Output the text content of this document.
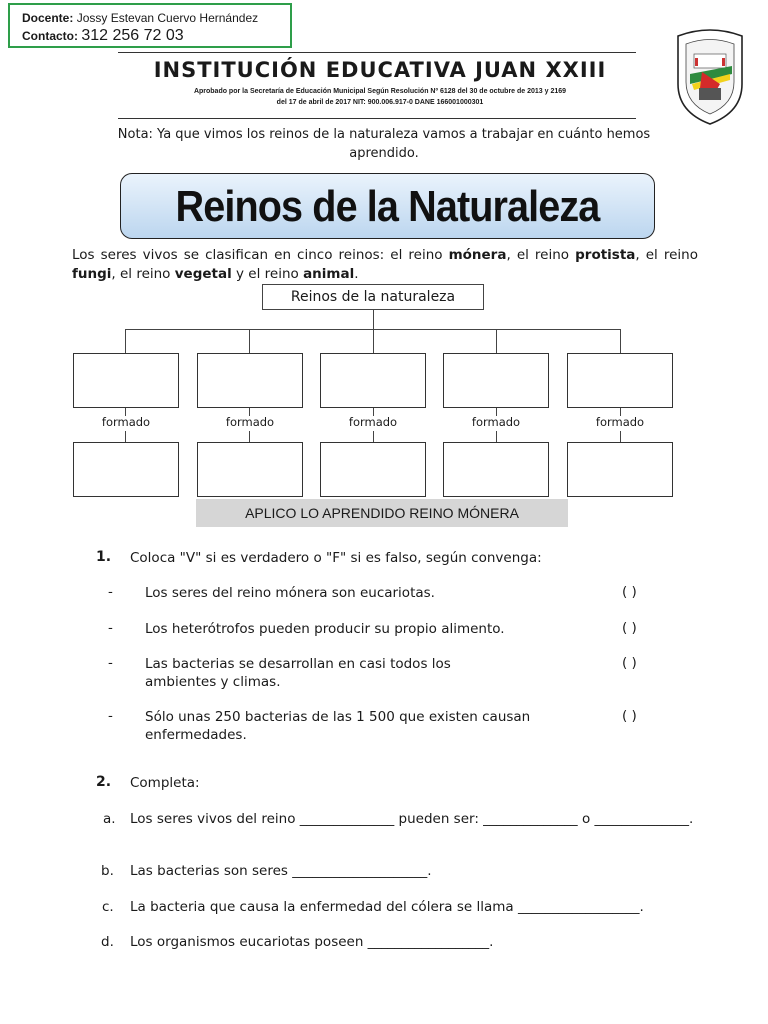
Docente: Jossy Estevan Cuervo Hernández
Contacto: 312 256 72 03
INSTITUCIÓN EDUCATIVA JUAN XXIII
Aprobado por la Secretaría de Educación Municipal Según Resolución Nº 6128 del 30 de octubre de 2013 y 2169
del 17 de abril de 2017 NIT: 900.006.917-0 DANE 166001000301
Nota: Ya que vimos los reinos de la naturaleza vamos a trabajar en cuánto hemos aprendido.
Reinos de la Naturaleza
Los seres vivos se clasifican en cinco reinos: el reino mónera, el reino protista, el reino fungi, el reino vegetal y el reino animal.
Reinos de la naturaleza
formado	formado	formado	formado	formado
APLICO LO APRENDIDO REINO MÓNERA
1. Coloca "V" si es verdadero o "F" si es falso, según convenga:
- Los seres del reino mónera son eucariotas.	( )
- Los heterótrofos pueden producir su propio alimento.	( )
- Las bacterias se desarrollan en casi todos los ambientes y climas.
( )
- Sólo unas 250 bacterias de las 1 500 que existen causan enfermedades.
( )
2. Completa:
a. Los seres vivos del reino ______________ pueden ser: ______________ o ______________.
b. Las bacterias son seres ____________________.
c. La bacteria que causa la enfermedad del cólera se llama __________________.
d. Los organismos eucariotas poseen __________________.
